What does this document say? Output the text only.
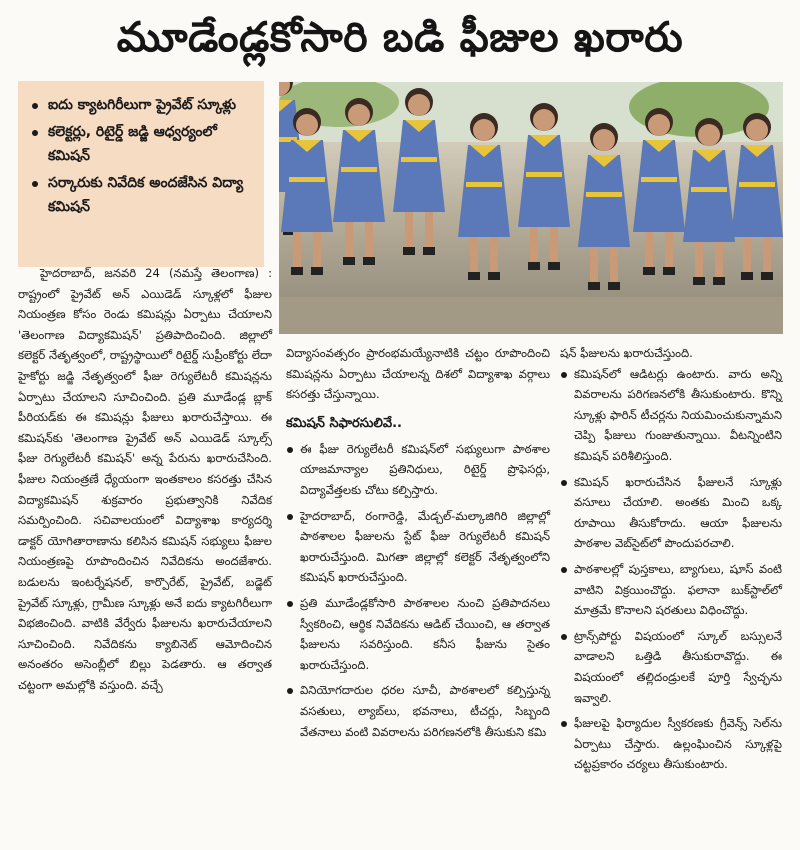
మూడేండ్లకోసారి బడి ఫీజుల ఖరారు
ఐదు క్యాటగిరీలుగా ప్రైవేట్ స్కూళ్లు
కలెక్టర్లు, రిటైర్డ్ జడ్జి ఆధ్వర్యంలో కమిషన్
సర్కారుకు నివేదిక అందజేసిన విద్యా కమిషన్

హైదరాబాద్, జనవరి 24 (నమస్తే తెలంగాణ) : రాష్ట్రంలో ప్రైవేట్ అన్ ఎయిడెడ్ స్కూళ్లలో ఫీజుల నియంత్రణ కోసం రెండు కమిషన్లు ఏర్పాటు చేయాలని 'తెలంగాణ విద్యాకమిషన్' ప్రతిపాదించింది. జిల్లాలో కలెక్టర్ నేతృత్వంలో, రాష్ట్రస్థాయిలో రిటైర్డ్ సుప్రీంకోర్టు లేదా హైకోర్టు జడ్జి నేతృత్వంలో ఫీజు రెగ్యులేటరీ కమిషన్లను ఏర్పాటు చేయాలని సూచించింది. ప్రతి మూడేండ్ల బ్లాక్ పీరియడ్‌కు ఈ కమిషన్లు ఫీజులు ఖరారుచేస్తాయి. ఈ కమిషన్‌కు 'తెలంగాణ ప్రైవేట్ అన్ ఎయిడెడ్ స్కూల్స్ ఫీజు రెగ్యులేటరీ కమిషన్' అన్న పేరును ఖరారుచేసింది. ఫీజుల నియంత్రణే ధ్యేయంగా ఇంతకాలం కసరత్తు చేసిన విద్యాకమిషన్ శుక్రవారం ప్రభుత్వానికి నివేదిక సమర్పించింది. సచివాలయంలో విద్యాశాఖ కార్యదర్శి డాక్టర్ యోగితారాణాను కలిసిన కమిషన్ సభ్యులు ఫీజుల నియంత్రణపై రూపొందించిన నివేదికను అందజేశారు. బడులను ఇంటర్నేషనల్, కార్పొరేట్, ప్రైవేట్, బడ్జెట్ ప్రైవేట్ స్కూళ్లు, గ్రామీణ స్కూళ్లు అనే ఐదు క్యాటగిరీలుగా విభజించింది. వాటికి వేర్వేరు ఫీజులను ఖరారుచేయాలని సూచించింది. నివేదికను క్యాబినెట్ ఆమోదించిన అనంతరం అసెంబ్లీలో బిల్లు పెడతారు. ఆ తర్వాత చట్టంగా అమల్లోకి వస్తుంది. వచ్చే

విద్యాసంవత్సరం ప్రారంభమయ్యేనాటికి చట్టం రూపొందించి కమిషన్లను ఏర్పాటు చేయాలన్న దిశలో విద్యాశాఖ వర్గాలు కసరత్తు చేస్తున్నాయి.

కమిషన్ సిఫారసులివే..
ఈ ఫీజు రెగ్యులేటరీ కమిషన్‌లో సభ్యులుగా పాఠశాల యాజమాన్యాల ప్రతినిధులు, రిటైర్డ్ ప్రొఫెసర్లు, విద్యావేత్తలకు చోటు కల్పిస్తారు.
హైదరాబాద్, రంగారెడ్డి, మేడ్చల్-మల్కాజిగిరి జిల్లాల్లో పాఠశాలల ఫీజులను స్టేట్ ఫీజు రెగ్యులేటరీ కమిషన్ ఖరారుచేస్తుంది. మిగతా జిల్లాల్లో కలెక్టర్ నేతృత్వంలోని కమిషన్ ఖరారుచేస్తుంది.
ప్రతి మూడేండ్లకోసారి పాఠశాలల నుంచి ప్రతిపాదనలు స్వీకరించి, ఆర్థిక నివేదికను ఆడిట్ చేయించి, ఆ తర్వాత ఫీజులను సవరిస్తుంది. కనీస ఫీజును సైతం ఖరారుచేస్తుంది.
వినియోగదారుల ధరల సూచీ, పాఠశాలలో కల్పిస్తున్న వసతులు, ల్యాబ్‌లు, భవనాలు, టీచర్లు, సిబ్బంది వేతనాలు వంటి వివరాలను పరిగణనలోకి తీసుకుని కమి

షన్ ఫీజులను ఖరారుచేస్తుంది.

కమిషన్‌లో ఆడిటర్లు ఉంటారు. వారు అన్ని వివరాలను పరిగణనలోకి తీసుకుంటారు. కొన్ని స్కూళ్లు ఫారిన్ టీచర్లను నియమించుకున్నామని చెప్పి ఫీజులు గుంజుతున్నాయి. వీటన్నింటిని కమిషన్ పరిశీలిస్తుంది.
కమిషన్ ఖరారుచేసిన ఫీజులనే స్కూళ్లు వసూలు చేయాలి. అంతకు మించి ఒక్క రూపాయి తీసుకోరాదు. ఆయా ఫీజులను పాఠశాల వెబ్‌సైట్‌లో పొందుపరచాలి.
పాఠశాలల్లో పుస్తకాలు, బ్యాగులు, షూస్ వంటి వాటిని విక్రయించొద్దు. ఫలానా బుక్‌స్టాల్‌లో మాత్రమే కొనాలని షరతులు విధించొద్దు.
ట్రాన్స్‌పోర్టు విషయంలో స్కూల్ బస్సులనే వాడాలని ఒత్తిడి తీసుకురావొద్దు. ఈ విషయంలో తల్లిదండ్రులకే పూర్తి స్వేచ్ఛను ఇవ్వాలి.
ఫీజులపై ఫిర్యాదుల స్వీకరణకు గ్రీవెన్స్ సెల్‌ను ఏర్పాటు చేస్తారు. ఉల్లంఘించిన స్కూళ్లపై చట్టప్రకారం చర్యలు తీసుకుంటారు.
